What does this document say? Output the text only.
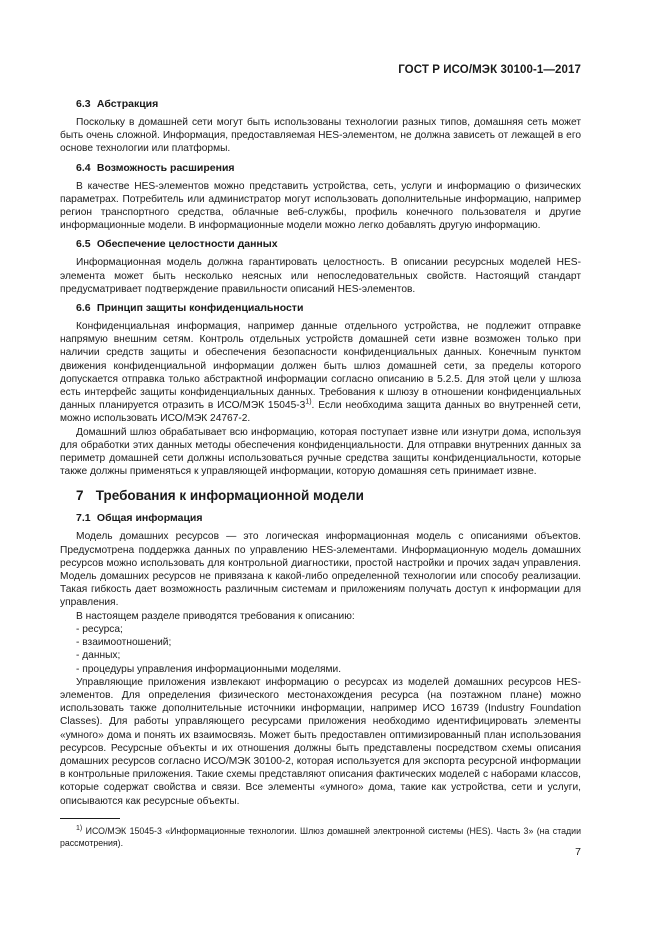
ГОСТ Р ИСО/МЭК 30100-1—2017
6.3 Абстракция

Поскольку в домашней сети могут быть использованы технологии разных типов, домашняя сеть может быть очень сложной. Информация, предоставляемая HES-элементом, не должна зависеть от лежащей в его основе технологии или платформы.

6.4 Возможность расширения

В качестве HES-элементов можно представить устройства, сеть, услуги и информацию о физических параметрах. Потребитель или администратор могут использовать дополнительные информацию, например регион транспортного средства, облачные веб-службы, профиль конечного пользователя и другие информационные модели. В информационные модели можно легко добавлять другую информацию.

6.5 Обеспечение целостности данных

Информационная модель должна гарантировать целостность. В описании ресурсных моделей HES-элемента может быть несколько неясных или непоследовательных свойств. Настоящий стандарт предусматривает подтверждение правильности описаний HES-элементов.

6.6 Принцип защиты конфиденциальности

Конфиденциальная информация, например данные отдельного устройства, не подлежит отправке напрямую внешним сетям. Контроль отдельных устройств домашней сети извне возможен только при наличии средств защиты и обеспечения безопасности конфиденциальных данных. Конечным пунктом движения конфиденциальной информации должен быть шлюз домашней сети, за пределы которого допускается отправка только абстрактной информации согласно описанию в 5.2.5. Для этой цели у шлюза есть интерфейс защиты конфиденциальных данных. Требования к шлюзу в отношении конфиденциальных данных планируется отразить в ИСО/МЭК 15045-3$^{1)}$. Если необходима защита данных во внутренней сети, можно использовать ИСО/МЭК 24767-2.

Домашний шлюз обрабатывает всю информацию, которая поступает извне или изнутри дома, используя для обработки этих данных методы обеспечения конфиденциальности. Для отправки внутренних данных за периметр домашней сети должны использоваться ручные средства защиты конфиденциальности, которые также должны применяться к управляющей информации, которую домашняя сеть принимает извне.

7 Требования к информационной модели
7.1 Общая информация

Модель домашних ресурсов — это логическая информационная модель с описаниями объектов. Предусмотрена поддержка данных по управлению HES-элементами. Информационную модель домашних ресурсов можно использовать для контрольной диагностики, простой настройки и прочих задач управления. Модель домашних ресурсов не привязана к какой-либо определенной технологии или способу реализации. Такая гибкость дает возможность различным системам и приложениям получать доступ к информации для управления.

В настоящем разделе приводятся требования к описанию:

- ресурса;
- взаимоотношений;
- данных;
- процедуры управления информационными моделями.

Управляющие приложения извлекают информацию о ресурсах из моделей домашних ресурсов HES-элементов. Для определения физического местонахождения ресурса (на поэтажном плане) можно использовать также дополнительные источники информации, например ИСО 16739 (Industry Foundation Classes). Для работы управляющего ресурсами приложения необходимо идентифицировать элементы «умного» дома и понять их взаимосвязь. Может быть предоставлен оптимизированный план использования ресурсов. Ресурсные объекты и их отношения должны быть представлены посредством схемы описания домашних ресурсов согласно ИСО/МЭК 30100-2, которая используется для экспорта ресурсной информации в контрольные приложения. Такие схемы представляют описания фактических моделей с наборами классов, которые содержат свойства и связи. Все элементы «умного» дома, такие как устройства, сети и услуги, описываются как ресурсные объекты.

$^{1)}$ ИСО/МЭК 15045-3 «Информационные технологии. Шлюз домашней электронной системы (HES). Часть 3» (на стадии рассмотрения).
7
